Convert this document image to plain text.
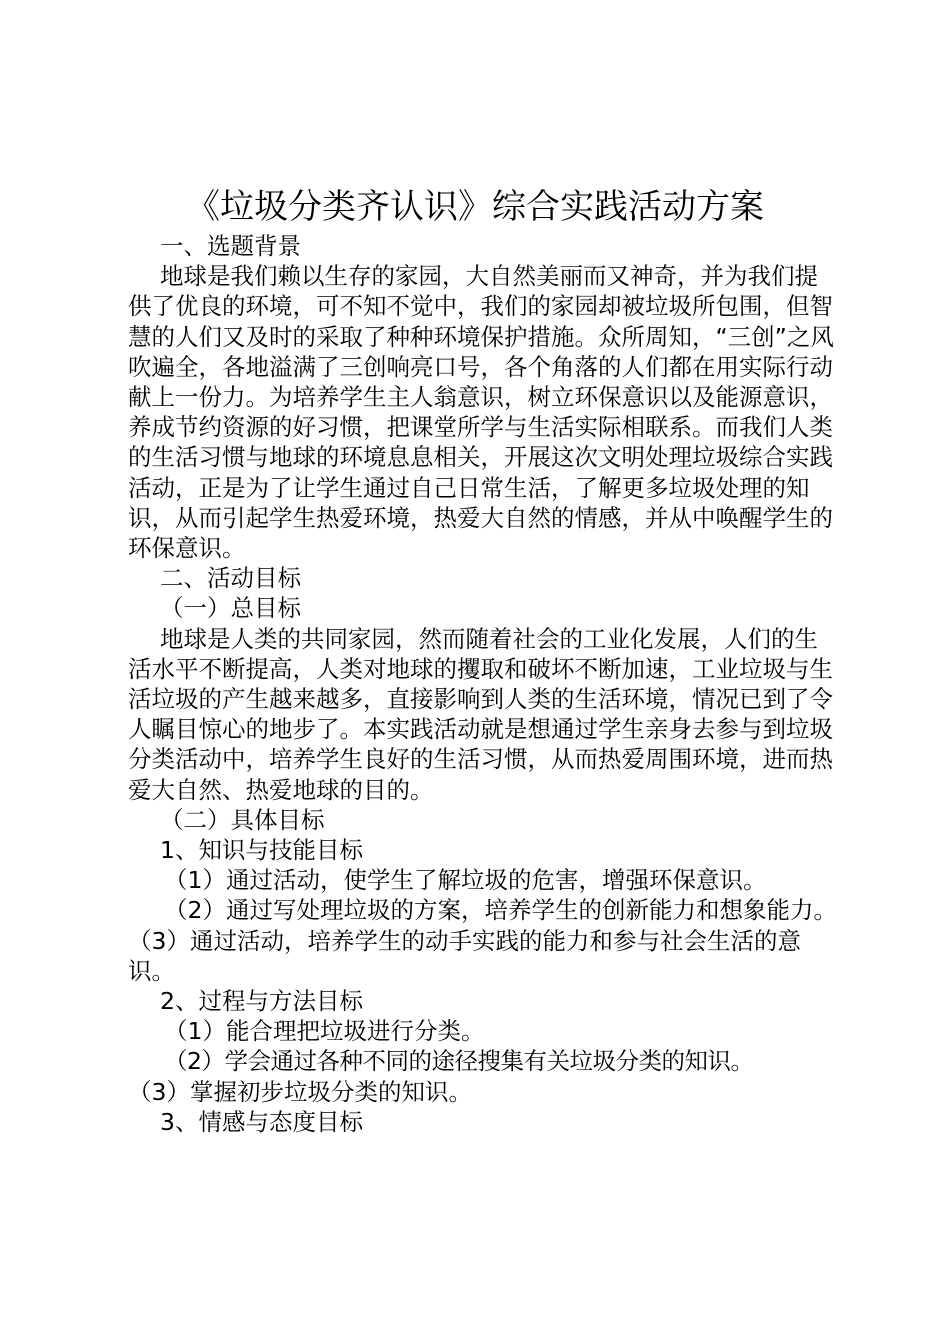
《垃圾分类齐认识》综合实践活动方案

一、选题背景

地球是我们赖以生存的家园，大自然美丽而又神奇，并为我们提供了优良的环境，可不知不觉中，我们的家园却被垃圾所包围，但智慧的人们又及时的采取了种种环境保护措施。众所周知，“三创”之风吹遍全，各地溢满了三创响亮口号，各个角落的人们都在用实际行动献上一份力。为培养学生主人翁意识，树立环保意识以及能源意识，养成节约资源的好习惯，把课堂所学与生活实际相联系。而我们人类的生活习惯与地球的环境息息相关，开展这次文明处理垃圾综合实践活动，正是为了让学生通过自己日常生活，了解更多垃圾处理的知识，从而引起学生热爱环境，热爱大自然的情感，并从中唤醒学生的环保意识。

二、活动目标

（一）总目标

地球是人类的共同家园，然而随着社会的工业化发展，人们的生活水平不断提高，人类对地球的攫取和破坏不断加速，工业垃圾与生活垃圾的产生越来越多，直接影响到人类的生活环境，情况已到了令人瞩目惊心的地步了。本实践活动就是想通过学生亲身去参与到垃圾分类活动中，培养学生良好的生活习惯，从而热爱周围环境，进而热爱大自然、热爱地球的目的。

（二）具体目标

1、知识与技能目标

（1）通过活动，使学生了解垃圾的危害，增强环保意识。

（2）通过写处理垃圾的方案，培养学生的创新能力和想象能力。（3）通过活动，培养学生的动手实践的能力和参与社会生活的意识。

2、过程与方法目标

（1）能合理把垃圾进行分类。

（2）学会通过各种不同的途径搜集有关垃圾分类的知识。

（3）掌握初步垃圾分类的知识。

3、情感与态度目标
